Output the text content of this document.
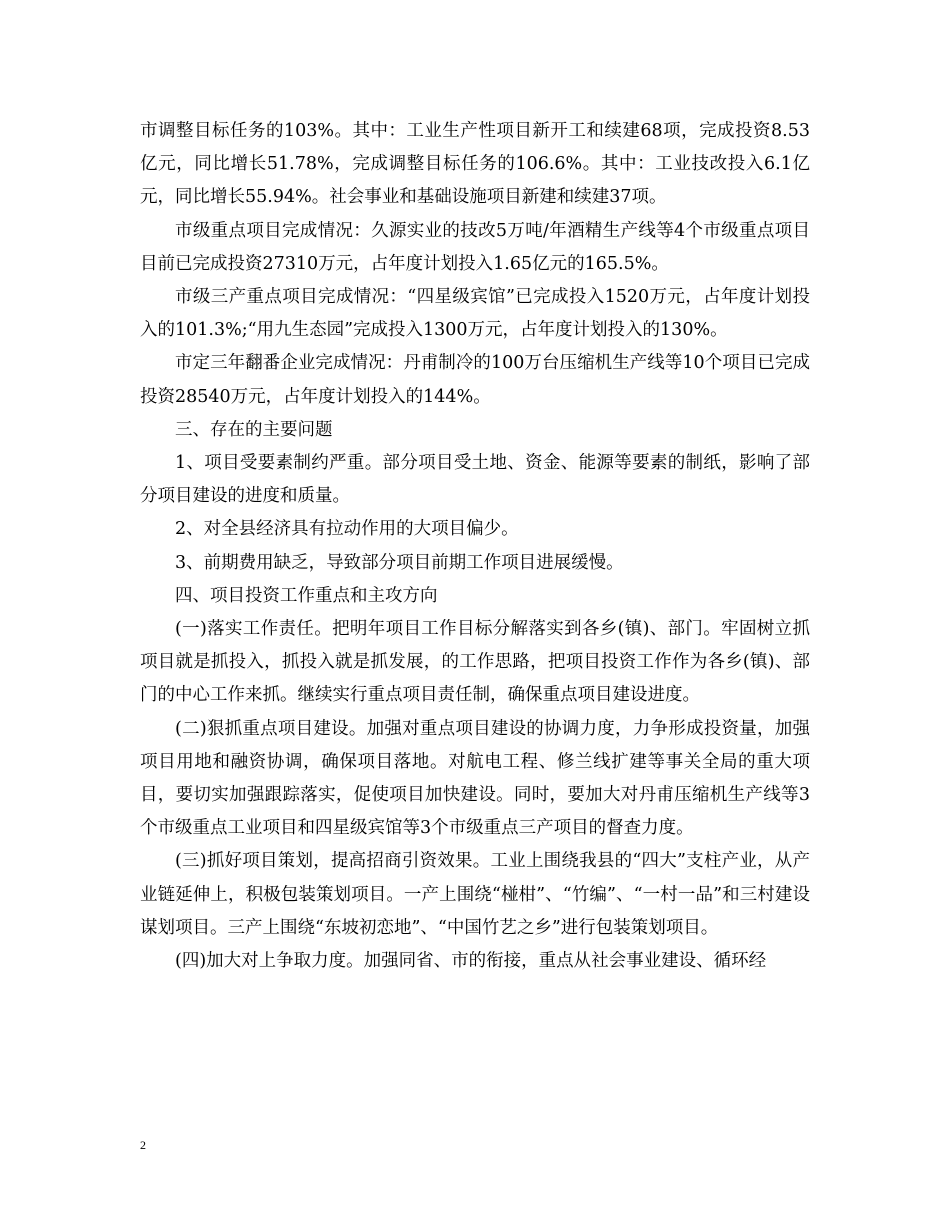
市调整目标任务的103%。其中：工业生产性项目新开工和续建68项，完成投资8.53亿元，同比增长51.78%，完成调整目标任务的106.6%。其中：工业技改投入6.1亿元，同比增长55.94%。社会事业和基础设施项目新建和续建37项。

市级重点项目完成情况：久源实业的技改5万吨/年酒精生产线等4个市级重点项目目前已完成投资27310万元，占年度计划投入1.65亿元的165.5%。

市级三产重点项目完成情况：“四星级宾馆”已完成投入1520万元，占年度计划投入的101.3%;“用九生态园”完成投入1300万元，占年度计划投入的130%。

市定三年翻番企业完成情况：丹甫制冷的100万台压缩机生产线等10个项目已完成投资28540万元，占年度计划投入的144%。

三、存在的主要问题

1、项目受要素制约严重。部分项目受土地、资金、能源等要素的制纸，影响了部分项目建设的进度和质量。

2、对全县经济具有拉动作用的大项目偏少。

3、前期费用缺乏，导致部分项目前期工作项目进展缓慢。

四、项目投资工作重点和主攻方向

(一)落实工作责任。把明年项目工作目标分解落实到各乡(镇)、部门。牢固树立抓项目就是抓投入，抓投入就是抓发展，的工作思路，把项目投资工作作为各乡(镇)、部门的中心工作来抓。继续实行重点项目责任制，确保重点项目建设进度。

(二)狠抓重点项目建设。加强对重点项目建设的协调力度，力争形成投资量，加强项目用地和融资协调，确保项目落地。对航电工程、修兰线扩建等事关全局的重大项目，要切实加强跟踪落实，促使项目加快建设。同时，要加大对丹甫压缩机生产线等3个市级重点工业项目和四星级宾馆等3个市级重点三产项目的督查力度。

(三)抓好项目策划，提高招商引资效果。工业上围绕我县的“四大”支柱产业，从产业链延伸上，积极包装策划项目。一产上围绕“椪柑”、“竹编”、“一村一品”和三村建设谋划项目。三产上围绕“东坡初恋地”、“中国竹艺之乡”进行包装策划项目。

(四)加大对上争取力度。加强同省、市的衔接，重点从社会事业建设、循环经

2
